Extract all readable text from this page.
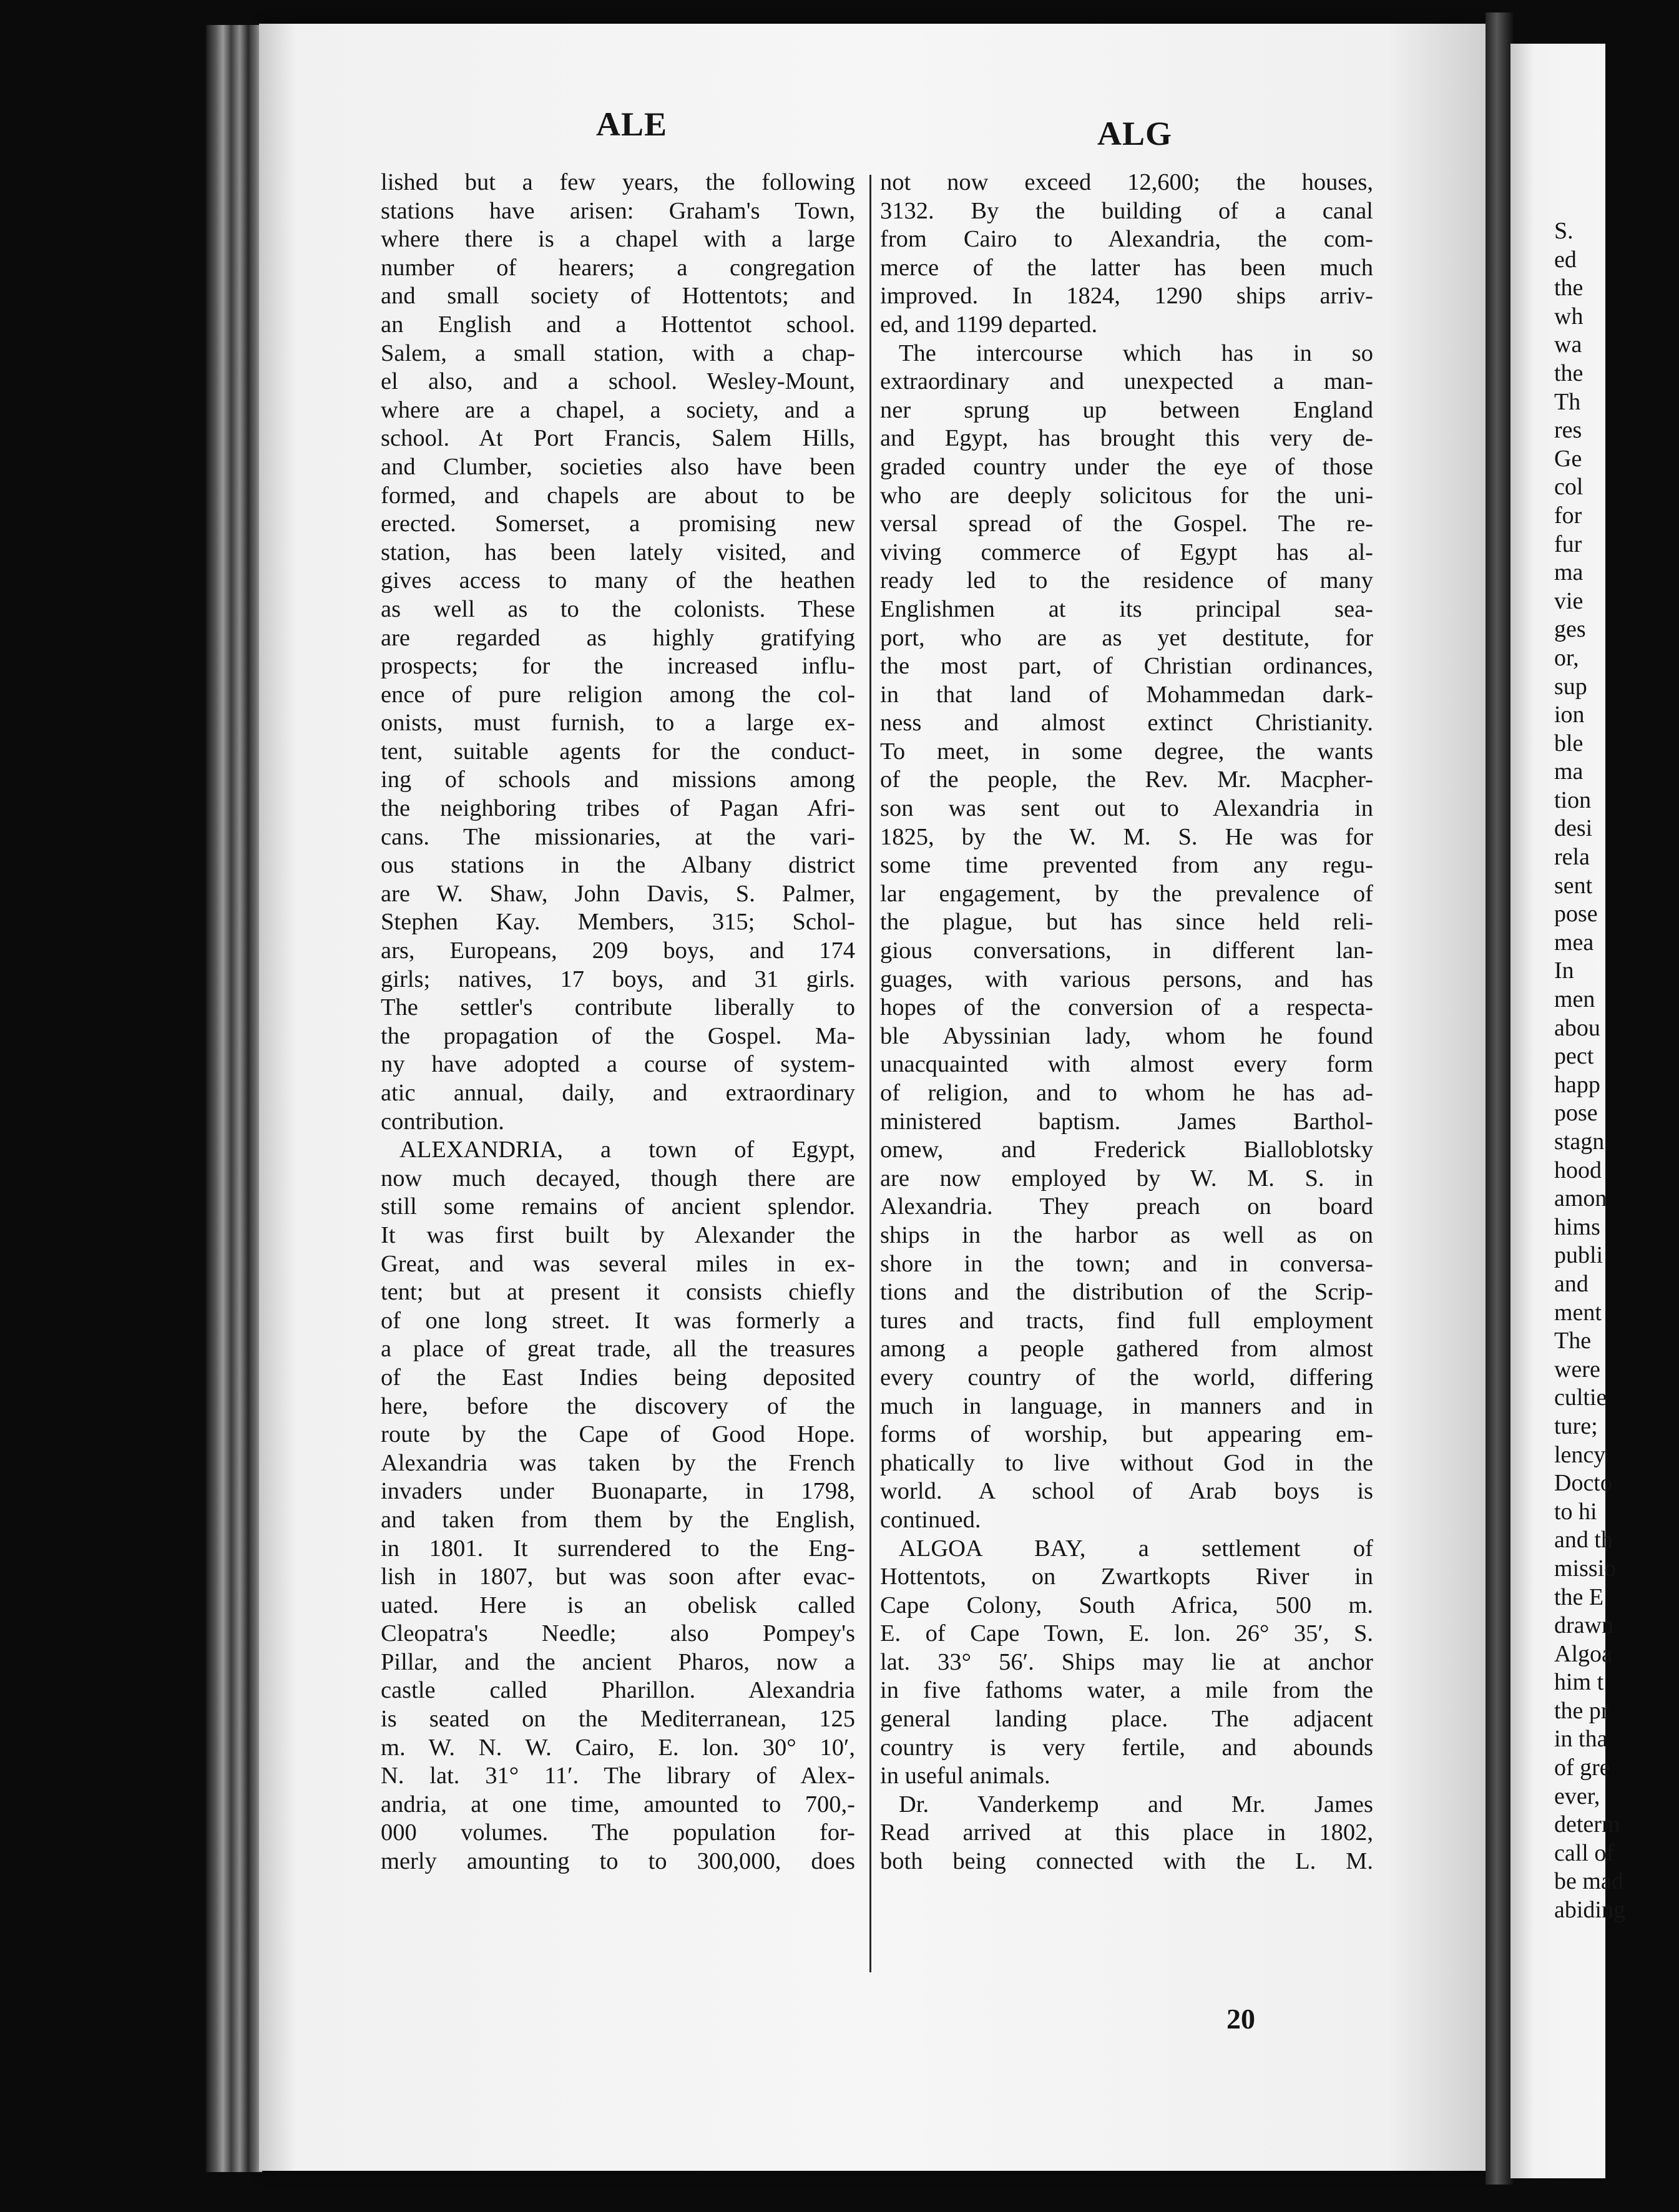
S.
ed
the
wh
wa
the
Th
res
Ge
col
for
fur
ma
vie
ges
or,
sup
ion
ble
ma
tion
desi
rela
sent
pose
mea
In
men
abou
pect
happ
pose
stagn
hood
amon
hims
publi
and
ment
The
were
cultie
ture;
lency
Docto
to hi
and th
missio
the E
drawn
Algoa
him t
the pr
in tha
of gre
ever,
determ
call of
be mad
abiding
ALE	ALG
lished but a few years, the following
stations have arisen: Graham's Town,
where there is a chapel with a large
number of hearers; a congregation
and small society of Hottentots; and
an English and a Hottentot school.
Salem, a small station, with a chap-
el also, and a school. Wesley-Mount,
where are a chapel, a society, and a
school. At Port Francis, Salem Hills,
and Clumber, societies also have been
formed, and chapels are about to be
erected. Somerset, a promising new
station, has been lately visited, and
gives access to many of the heathen
as well as to the colonists. These
are regarded as highly gratifying
prospects; for the increased influ-
ence of pure religion among the col-
onists, must furnish, to a large ex-
tent, suitable agents for the conduct-
ing of schools and missions among
the neighboring tribes of Pagan Afri-
cans. The missionaries, at the vari-
ous stations in the Albany district
are W. Shaw, John Davis, S. Palmer,
Stephen Kay. Members, 315; Schol-
ars, Europeans, 209 boys, and 174
girls; natives, 17 boys, and 31 girls.
The settler's contribute liberally to
the propagation of the Gospel. Ma-
ny have adopted a course of system-
atic annual, daily, and extraordinary
contribution.
ALEXANDRIA, a town of Egypt,
now much decayed, though there are
still some remains of ancient splendor.
It was first built by Alexander the
Great, and was several miles in ex-
tent; but at present it consists chiefly
of one long street. It was formerly a
a place of great trade, all the treasures
of the East Indies being deposited
here, before the discovery of the
route by the Cape of Good Hope.
Alexandria was taken by the French
invaders under Buonaparte, in 1798,
and taken from them by the English,
in 1801. It surrendered to the Eng-
lish in 1807, but was soon after evac-
uated. Here is an obelisk called
Cleopatra's Needle; also Pompey's
Pillar, and the ancient Pharos, now a
castle called Pharillon. Alexandria
is seated on the Mediterranean, 125
m. W. N. W. Cairo, E. lon. 30° 10′,
N. lat. 31° 11′. The library of Alex-
andria, at one time, amounted to 700,-
000 volumes. The population for-
merly amounting to to 300,000, does
not now exceed 12,600; the houses,
3132. By the building of a canal
from Cairo to Alexandria, the com-
merce of the latter has been much
improved. In 1824, 1290 ships arriv-
ed, and 1199 departed.
The intercourse which has in so
extraordinary and unexpected a man-
ner sprung up between England
and Egypt, has brought this very de-
graded country under the eye of those
who are deeply solicitous for the uni-
versal spread of the Gospel. The re-
viving commerce of Egypt has al-
ready led to the residence of many
Englishmen at its principal sea-
port, who are as yet destitute, for
the most part, of Christian ordinances,
in that land of Mohammedan dark-
ness and almost extinct Christianity.
To meet, in some degree, the wants
of the people, the Rev. Mr. Macpher-
son was sent out to Alexandria in
1825, by the W. M. S. He was for
some time prevented from any regu-
lar engagement, by the prevalence of
the plague, but has since held reli-
gious conversations, in different lan-
guages, with various persons, and has
hopes of the conversion of a respecta-
ble Abyssinian lady, whom he found
unacquainted with almost every form
of religion, and to whom he has ad-
ministered baptism. James Barthol-
omew, and Frederick Bialloblotsky
are now employed by W. M. S. in
Alexandria. They preach on board
ships in the harbor as well as on
shore in the town; and in conversa-
tions and the distribution of the Scrip-
tures and tracts, find full employment
among a people gathered from almost
every country of the world, differing
much in language, in manners and in
forms of worship, but appearing em-
phatically to live without God in the
world. A school of Arab boys is
continued.
ALGOA BAY, a settlement of
Hottentots, on Zwartkopts River in
Cape Colony, South Africa, 500 m.
E. of Cape Town, E. lon. 26° 35′, S.
lat. 33° 56′. Ships may lie at anchor
in five fathoms water, a mile from the
general landing place. The adjacent
country is very fertile, and abounds
in useful animals.
Dr. Vanderkemp and Mr. James
Read arrived at this place in 1802,
both being connected with the L. M.
20
